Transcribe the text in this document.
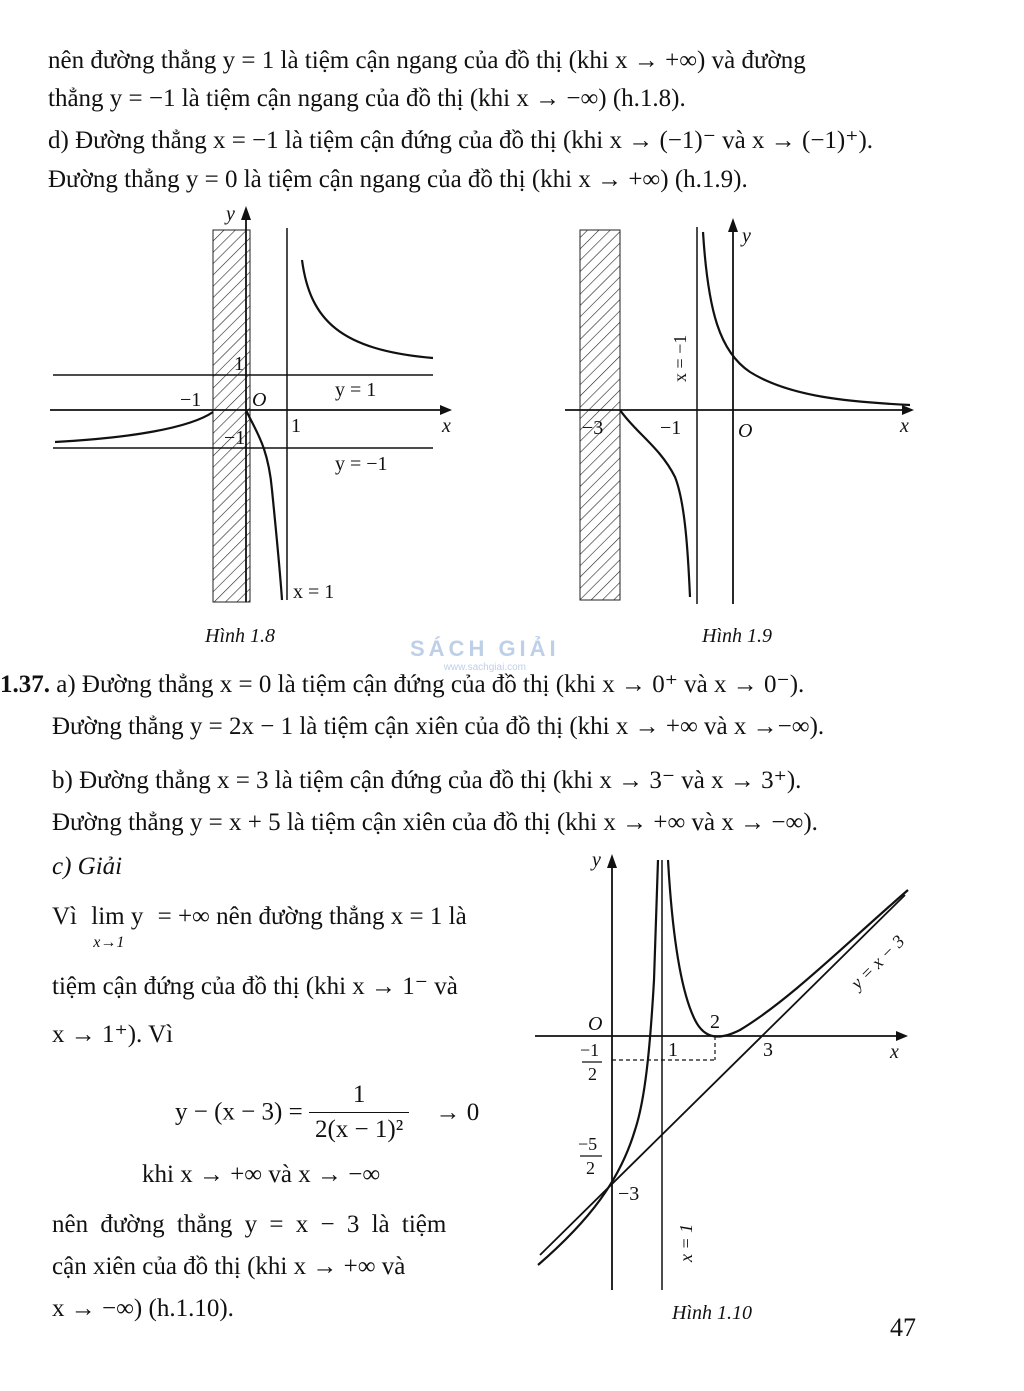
nên đường thẳng y = 1 là tiệm cận ngang của đồ thị (khi x → +∞) và đường
thẳng y = −1 là tiệm cận ngang của đồ thị (khi x → −∞) (h.1.8).
d) Đường thẳng x = −1 là tiệm cận đứng của đồ thị (khi x → (−1)⁻ và x → (−1)⁺).
Đường thẳng y = 0 là tiệm cận ngang của đồ thị (khi x → +∞) (h.1.9).
y
x
O
−1
1
1
−1
y = 1
y = −1
x = 1
Hình 1.8
y
x
O
−3	−1
x = −1
Hình 1.9
SÁCH GIẢI
www.sachgiai.com
1.37. a) Đường thẳng x = 0 là tiệm cận đứng của đồ thị (khi x → 0⁺ và x → 0⁻).
Đường thẳng y = 2x − 1 là tiệm cận xiên của đồ thị (khi x → +∞ và x →−∞).
b) Đường thẳng x = 3 là tiệm cận đứng của đồ thị (khi x → 3⁻ và x → 3⁺).
Đường thẳng y = x + 5 là tiệm cận xiên của đồ thị (khi x → +∞ và x → −∞).
c) Giải
Vì lim y
x→1
= +∞ nên đường thẳng x = 1 là
tiệm cận đứng của đồ thị (khi x → 1⁻ và
x → 1⁺). Vì
$y - (x - 3) = \frac{1}{\text{2(x − 1)²}} \to 0$
khi x → +∞ và x → −∞
nên đường thẳng y = x − 3 là tiệm
cận xiên của đồ thị (khi x → +∞ và
x → −∞) (h.1.10).
y
x
O
1
2
3
−3
−1
2
−5
2
y = x − 3
x = 1
Hình 1.10	47
